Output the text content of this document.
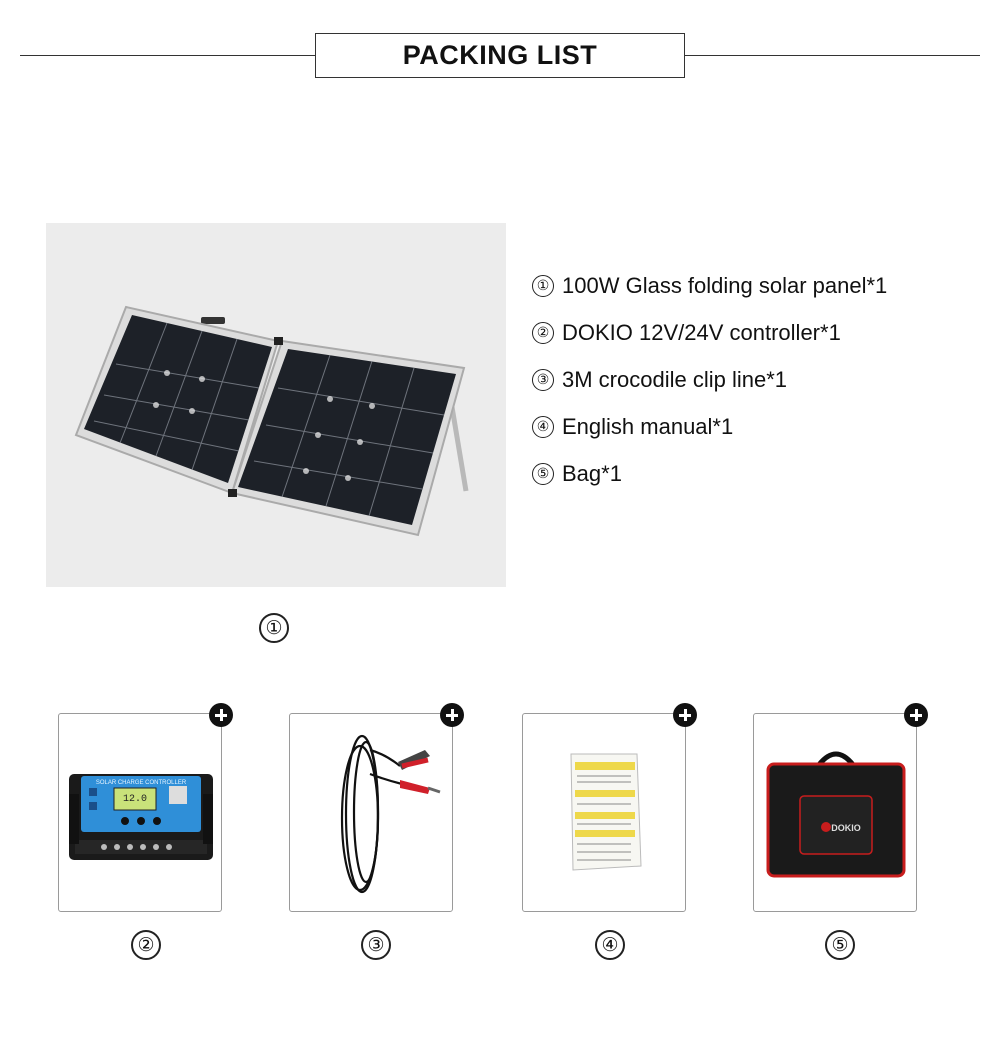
PACKING LIST
① 100W Glass folding solar panel*1
② DOKIO 12V/24V controller*1
③ 3M crocodile clip line*1
④ English manual*1
⑤ Bag*1
①
SOLAR CHARGE CONTROLLER
12.0
DOKIO
②	③	④	⑤
